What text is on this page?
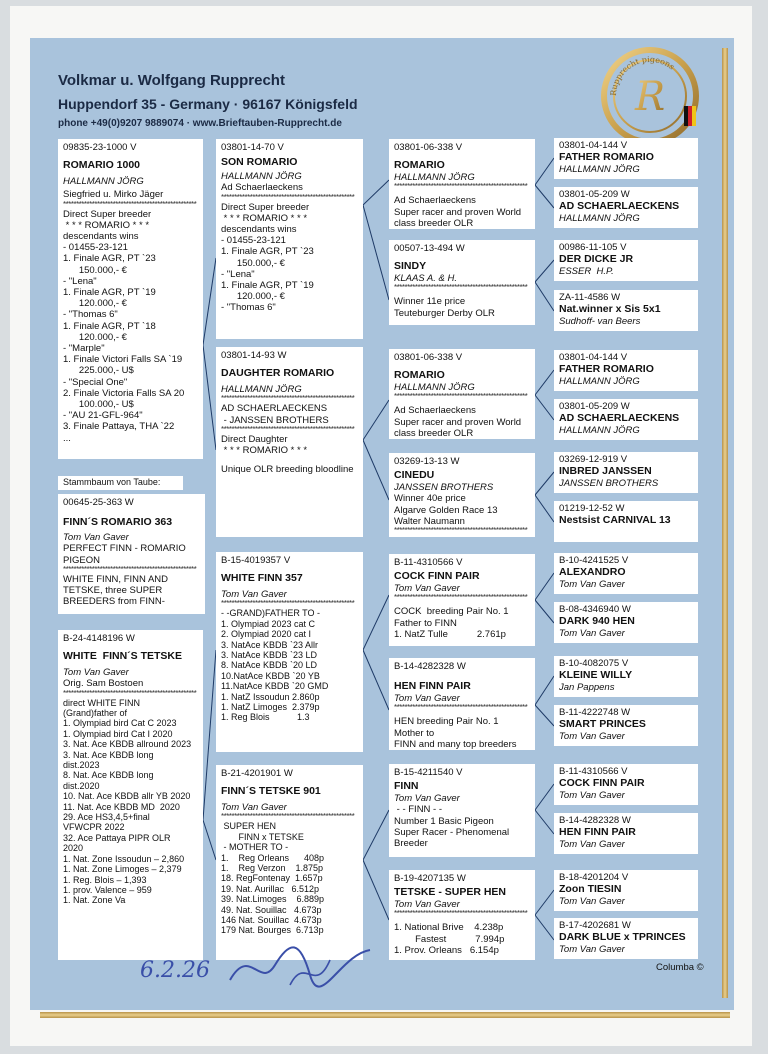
Volkmar u. Wolfgang Rupprecht
Huppendorf 35 - Germany · 96167 Königsfeld
phone +49(0)9207 9889074 · www.Brieftauben-Rupprecht.de
Rupprecht pigeons
R
09835-23-1000 V
ROMARIO 1000
HALLMANN JÖRG
Siegfried u. Mirko Jäger
***************************************************
Direct Super breeder
* * * ROMARIO * * *
descendants wins
- 01455-23-121
1. Finale AGR, PT `23
150.000,- €
- "Lena"
1. Finale AGR, PT `19
120.000,- €
- "Thomas 6"
1. Finale AGR, PT `18
120.000,- €
- "Marple"
1. Finale Victori Falls SA `19
225.000,- U$
- "Special One"
2. Finale Victoria Falls SA 20
100.000,- U$
- "AU 21-GFL-964"
3. Finale Pattaya, THA `22
...
Stammbaum von Taube:
00645-25-363 W
FINN´S ROMARIO 363
Tom Van Gaver
PERFECT FINN - ROMARIO
PIGEON
***************************************************
WHITE FINN, FINN AND
TETSKE, three SUPER
BREEDERS from FINN-
B-24-4148196 W
WHITE  FINN´S TETSKE
Tom Van Gaver
Orig. Sam Bostoen
***************************************************
direct WHITE FINN
(Grand)father of
1. Olympiad bird Cat C 2023
1. Olympiad bird Cat I 2020
3. Nat. Ace KBDB allround 2023
3. Nat. Ace KBDB long
dist.2023
8. Nat. Ace KBDB long
dist.2020
10. Nat. Ace KBDB allr YB 2020
11. Nat. Ace KBDB MD  2020
29. Ace HS3,4,5+final
VFWCPR 2022
32. Ace Pattaya PIPR OLR
2020
1. Nat. Zone Issoudun – 2,860
1. Nat. Zone Limoges – 2,379
1. Reg. Blois – 1,393
1. prov. Valence – 959
1. Nat. Zone Va
03801-14-70 V
SON ROMARIO
HALLMANN JÖRG
Ad Schaerlaeckens
***************************************************
Direct Super breeder
* * * ROMARIO * * *
descendants wins
- 01455-23-121
1. Finale AGR, PT `23
150.000,- €
- "Lena"
1. Finale AGR, PT `19
120.000,- €
- "Thomas 6"
03801-14-93 W
DAUGHTER ROMARIO
HALLMANN JÖRG
***************************************************
AD SCHAERLAECKENS
- JANSSEN BROTHERS
***************************************************
Direct Daughter
* * * ROMARIO * * *
Unique OLR breeding bloodline
B-15-4019357 V
WHITE FINN 357
Tom Van Gaver
***************************************************
- -GRAND)FATHER TO -
1. Olympiad 2023 cat C
2. Olympiad 2020 cat I
3. NatAce KBDB `23 Allr
3. NatAce KBDB `23 LD
8. NatAce KBDB `20 LD
10.NatAce KBDB `20 YB
11.NatAce KBDB `20 GMD
1. NatZ Issoudun 2.860p
1. NatZ Limoges  2.379p
1. Reg Blois           1.3
B-21-4201901 W
FINN´S TETSKE 901
Tom Van Gaver
***************************************************
SUPER HEN
FINN x TETSKE
- MOTHER TO -
1.    Reg Orleans      408p
1.    Reg Verzon    1.875p
18. RegFontenay  1.657p
19. Nat. Aurillac   6.512p
39. Nat.Limoges    6.889p
49. Nat. Souillac   4.673p
146 Nat. Souillac  4.673p
179 Nat. Bourges  6.713p
03801-06-338 V
ROMARIO
HALLMANN JÖRG
***************************************************
Ad Schaerlaeckens
Super racer and proven World
class breeder OLR
00507-13-494 W
SINDY
KLAAS A. & H.
***************************************************
Winner 11e price
Teuteburger Derby OLR
03801-06-338 V
ROMARIO
HALLMANN JÖRG
***************************************************
Ad Schaerlaeckens
Super racer and proven World
class breeder OLR
03269-13-13 W
CINEDU
JANSSEN BROTHERS
Winner 40e price
Algarve Golden Race 13
Walter Naumann
***************************************************
B-11-4310566 V
COCK FINN PAIR
Tom Van Gaver
***************************************************
COCK  breeding Pair No. 1
Father to FINN
1. NatZ Tulle           2.761p
B-14-4282328 W
HEN FINN PAIR
Tom Van Gaver
***************************************************
HEN breeding Pair No. 1
Mother to
FINN and many top breeders
B-15-4211540 V
FINN
Tom Van Gaver
- - FINN - -
Number 1 Basic Pigeon
Super Racer - Phenomenal
Breeder
B-19-4207135 W
TETSKE - SUPER HEN
Tom Van Gaver
***************************************************
1. National Brive    4.238p
Fastest           7.994p
1. Prov. Orleans   6.154p
03801-04-144 V
FATHER ROMARIO
HALLMANN JÖRG
03801-05-209 W
AD SCHAERLAECKENS
HALLMANN JÖRG
00986-11-105 V
DER DICKE JR
ESSER  H.P.
ZA-11-4586 W
Nat.winner x Sis 5x1
Sudhoff- van Beers
03801-04-144 V
FATHER ROMARIO
HALLMANN JÖRG
03801-05-209 W
AD SCHAERLAECKENS
HALLMANN JÖRG
03269-12-919 V
INBRED JANSSEN
JANSSEN BROTHERS
01219-12-52 W
Nestsist CARNIVAL 13
B-10-4241525 V
ALEXANDRO
Tom Van Gaver
B-08-4346940 W
DARK 940 HEN
Tom Van Gaver
B-10-4082075 V
KLEINE WILLY
Jan Pappens
B-11-4222748 W
SMART PRINCES
Tom Van Gaver
B-11-4310566 V
COCK FINN PAIR
Tom Van Gaver
B-14-4282328 W
HEN FINN PAIR
Tom Van Gaver
B-18-4201204 V
Zoon TIESIN
Tom Van Gaver
B-17-4202681 W
DARK BLUE x TPRINCES
Tom Van Gaver
6.2.26	Columba ©
